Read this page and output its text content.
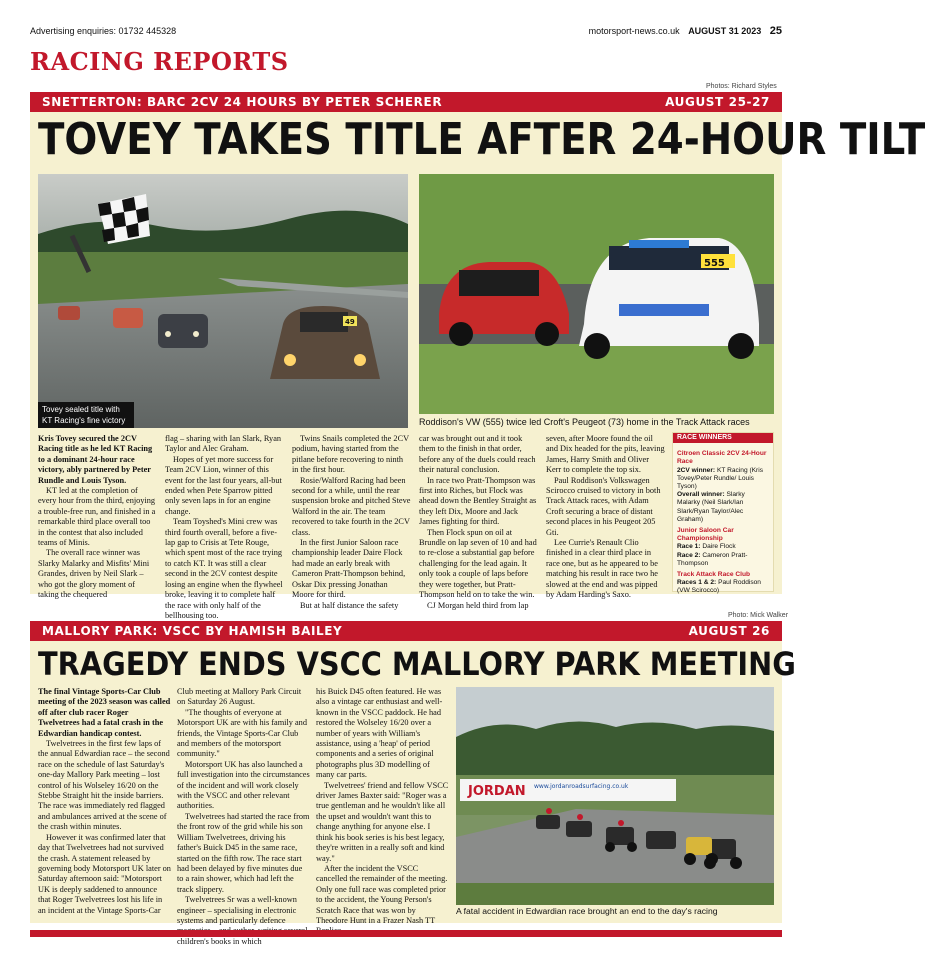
Advertising enquiries: 01732 445328	motorsport-news.co.uk AUGUST 31 2023 25
RACING REPORTS
Photos: Richard Styles
SNETTERTON: BARC 2CV 24 HOURS BY PETER SCHERER	AUGUST 25-27
TOVEY TAKES TITLE AFTER 24-HOUR TILT
49
Tovey sealed title with
KT Racing's fine victory
555
Roddison's VW (555) twice led Croft's Peugeot (73) home in the Track Attack races

Kris Tovey secured the 2CV Racing title as he led KT Racing to a dominant 24-hour race victory, ably partnered by Peter Rundle and Louis Tyson.

KT led at the completion of every hour from the third, enjoying a trouble-free run, and finished in a remarkable third place overall too in the contest that also included teams of Minis.

The overall race winner was Slarky Malarky and Misfits' Mini Grandes, driven by Neil Slark – who got the glory moment of taking the chequered

flag – sharing with Ian Slark, Ryan Taylor and Alec Graham.

Hopes of yet more success for Team 2CV Lion, winner of this event for the last four years, all-but ended when Pete Sparrow pitted only seven laps in for an engine change.

Team Toyshed's Mini crew was third fourth overall, before a five-lap gap to Crisis at Tete Rouge, which spent most of the race trying to catch KT. It was still a clear second in the 2CV contest despite losing an engine when the flywheel broke, leaving it to complete half the race with only half of the bellhousing too.

Twins Snails completed the 2CV podium, having started from the pitlane before recovering to ninth in the first hour.

Rosie/Walford Racing had been second for a while, until the rear suspension broke and pitched Steve Walford in the air. The team recovered to take fourth in the 2CV class.

In the first Junior Saloon race championship leader Daire Flock had made an early break with Cameron Pratt-Thompson behind, Oskar Dix pressing Jonathan Moore for third.

But at half distance the safety

car was brought out and it took them to the finish in that order, before any of the duels could reach their natural conclusion.

In race two Pratt-Thompson was first into Riches, but Flock was ahead down the Bentley Straight as they left Dix, Moore and Jack James fighting for third.

Then Flock spun on oil at Brundle on lap seven of 10 and had to re-close a substantial gap before challenging for the lead again. It only took a couple of laps before they were together, but Pratt-Thompson held on to take the win.

CJ Morgan held third from lap

seven, after Moore found the oil and Dix headed for the pits, leaving James, Harry Smith and Oliver Kerr to complete the top six.

Paul Roddison's Volkswagen Scirocco cruised to victory in both Track Attack races, with Adam Croft securing a brace of distant second places in his Peugeot 205 Gti.

Lee Currie's Renault Clio finished in a clear third place in race one, but as he appeared to be matching his result in race two he slowed at the end and was pipped by Adam Harding's Saxo.

RACE WINNERS
Citroen Classic 2CV 24-Hour Race
2CV winner: KT Racing (Kris Tovey/Peter Rundle/ Louis Tyson)
Overall winner: Slarky Malarky (Neil Slark/Ian Slark/Ryan Taylor/Alec Graham)
Junior Saloon Car Championship
Race 1: Daire Flock
Race 2: Cameron Pratt-Thompson
Track Attack Race Club
Races 1 & 2: Paul Roddison (VW Scirocco)
Photo: Mick Walker
MALLORY PARK: VSCC BY HAMISH BAILEY	AUGUST 26
TRAGEDY ENDS VSCC MALLORY PARK MEETING

The final Vintage Sports-Car Club meeting of the 2023 season was called off after club racer Roger Twelvetrees had a fatal crash in the Edwardian handicap contest.

Twelvetrees in the first few laps of the annual Edwardian race – the second race on the schedule of last Saturday's one-day Mallory Park meeting – lost control of his Wolseley 16/20 on the Stebbe Straight hit the inside barriers. The race was immediately red flagged and ambulances arrived at the scene of the crash within minutes.

However it was confirmed later that day that Twelvetrees had not survived the crash. A statement released by governing body Motorsport UK later on Saturday afternoon said: "Motorsport UK is deeply saddened to announce that Roger Twelvetrees lost his life in an incident at the Vintage Sports-Car

Club meeting at Mallory Park Circuit on Saturday 26 August.

"The thoughts of everyone at Motorsport UK are with his family and friends, the Vintage Sports-Car Club and members of the motorsport community."

Motorsport UK has also launched a full investigation into the circumstances of the incident and will work closely with the VSCC and other relevant authorities.

Twelvetrees had started the race from the front row of the grid while his son William Twelvetrees, driving his father's Buick D45 in the same race, started on the fifth row. The race start had been delayed by five minutes due to a rain shower, which had left the track slippery.

Twelvetrees Sr was a well-known engineer – specialising in electronic systems and particularly defence children's books in which

his Buick D45 often featured. He was also a vintage car enthusiast and well-known in the VSCC paddock. He had restored the Wolseley 16/20 over a number of years with William's assistance, using a 'heap' of period components and a series of original photographs plus 3D modelling of many car parts.

Twelvetrees' friend and fellow VSCC driver James Baxter said: "Roger was a true gentleman and he wouldn't like all the upset and wouldn't want this to change anything for anyone else. I think his book series is his best legacy, they're written in a really soft and kind way."

After the incident the VSCC cancelled the remainder of the meeting. Only one full race was completed prior to the accident, the Young Person's Scratch Race that was won by Theodore Hunt in a Frazer Nash TT

JORDAN www.jordanroadsurfacing.co.uk
A fatal accident in Edwardian race brought an end to the day's racing
